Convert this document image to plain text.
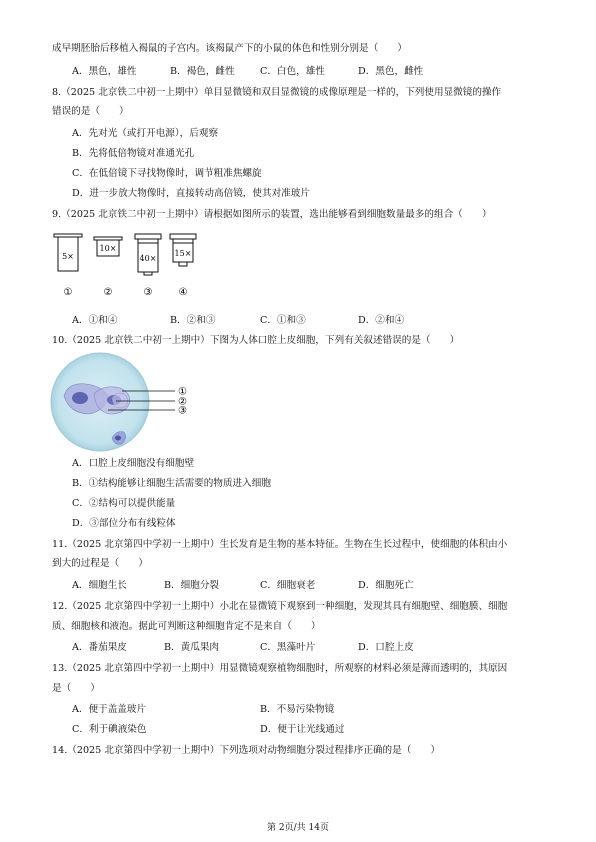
成早期胚胎后移植入褐鼠的子宫内。该褐鼠产下的小鼠的体色和性别分别是（　　）
A．黑色，雄性	B．褐色，雌性	C．白色，雄性	D．黑色，雌性
8.（2025 北京铁二中初一上期中）单目显微镜和双目显微镜的成像原理是一样的，下列使用显微镜的操作
错误的是（　　）
A．先对光（或打开电源），后观察
B．先将低倍物镜对准通光孔
C．在低倍镜下寻找物像时，调节粗准焦螺旋
D．进一步放大物像时，直接转动高倍镜，使其对准玻片
9.（2025 北京铁二中初一上期中）请根据如图所示的装置，选出能够看到细胞数量最多的组合（　　）
5×
10×
40×
15×
①	②	③	④
A．①和④	B．②和③	C．①和③	D．②和④
10.（2025 北京铁二中初一上期中）下图为人体口腔上皮细胞，下列有关叙述错误的是（　　）
①
②
③
A．口腔上皮细胞没有细胞壁
B．①结构能够让细胞生活需要的物质进入细胞
C．②结构可以提供能量
D．③部位分布有线粒体
11.（2025 北京第四中学初一上期中）生长发育是生物的基本特征。生物在生长过程中，使细胞的体积由小
到大的过程是（　　）
A．细胞生长	B．细胞分裂	C．细胞衰老	D．细胞死亡
12.（2025 北京第四中学初一上期中）小北在显微镜下观察到一种细胞，发现其具有细胞壁、细胞膜、细胞
质、细胞核和液泡。据此可判断这种细胞肯定不是来自（　　）
A．番茄果皮	B．黄瓜果肉	C．黑藻叶片	D．口腔上皮
13.（2025 北京第四中学初一上期中）用显微镜观察植物细胞时，所观察的材料必须是薄而透明的，其原因
是（　　）
A．便于盖盖玻片	B．不易污染物镜
C．利于碘液染色	D．便于让光线通过
14.（2025 北京第四中学初一上期中）下列选项对动物细胞分裂过程排序正确的是（　　）
第 2页/共 14页
